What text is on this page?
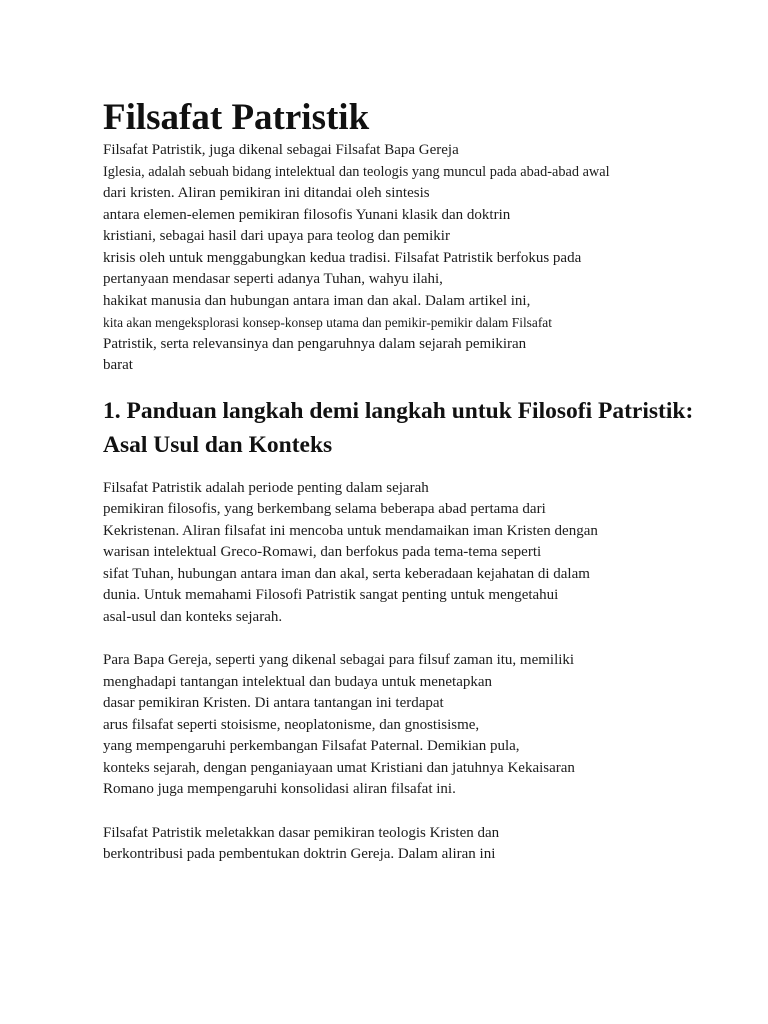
Filsafat Patristik
Filsafat Patristik, juga dikenal sebagai Filsafat Bapa Gereja
Iglesia, adalah sebuah bidang intelektual dan teologis yang muncul pada abad-abad awal
dari kristen. Aliran pemikiran ini ditandai oleh sintesis
antara elemen-elemen pemikiran filosofis Yunani klasik dan doktrin
kristiani, sebagai hasil dari upaya para teolog dan pemikir
krisis oleh untuk menggabungkan kedua tradisi. Filsafat Patristik berfokus pada
pertanyaan mendasar seperti adanya Tuhan, wahyu ilahi,
hakikat manusia dan hubungan antara iman dan akal. Dalam artikel ini,
kita akan mengeksplorasi konsep-konsep utama dan pemikir-pemikir dalam Filsafat
Patristik, serta relevansinya dan pengaruhnya dalam sejarah pemikiran
barat
1. Panduan langkah demi langkah untuk Filosofi Patristik:
Asal Usul dan Konteks
Filsafat Patristik adalah periode penting dalam sejarah
pemikiran filosofis, yang berkembang selama beberapa abad pertama dari
Kekristenan. Aliran filsafat ini mencoba untuk mendamaikan iman Kristen dengan
warisan intelektual Greco-Romawi, dan berfokus pada tema-tema seperti
sifat Tuhan, hubungan antara iman dan akal, serta keberadaan kejahatan di dalam
dunia. Untuk memahami Filosofi Patristik sangat penting untuk mengetahui
asal-usul dan konteks sejarah.
Para Bapa Gereja, seperti yang dikenal sebagai para filsuf zaman itu, memiliki
menghadapi tantangan intelektual dan budaya untuk menetapkan
dasar pemikiran Kristen. Di antara tantangan ini terdapat
arus filsafat seperti stoisisme, neoplatonisme, dan gnostisisme,
yang mempengaruhi perkembangan Filsafat Paternal. Demikian pula,
konteks sejarah, dengan penganiayaan umat Kristiani dan jatuhnya Kekaisaran
Romano juga mempengaruhi konsolidasi aliran filsafat ini.
Filsafat Patristik meletakkan dasar pemikiran teologis Kristen dan
berkontribusi pada pembentukan doktrin Gereja. Dalam aliran ini
